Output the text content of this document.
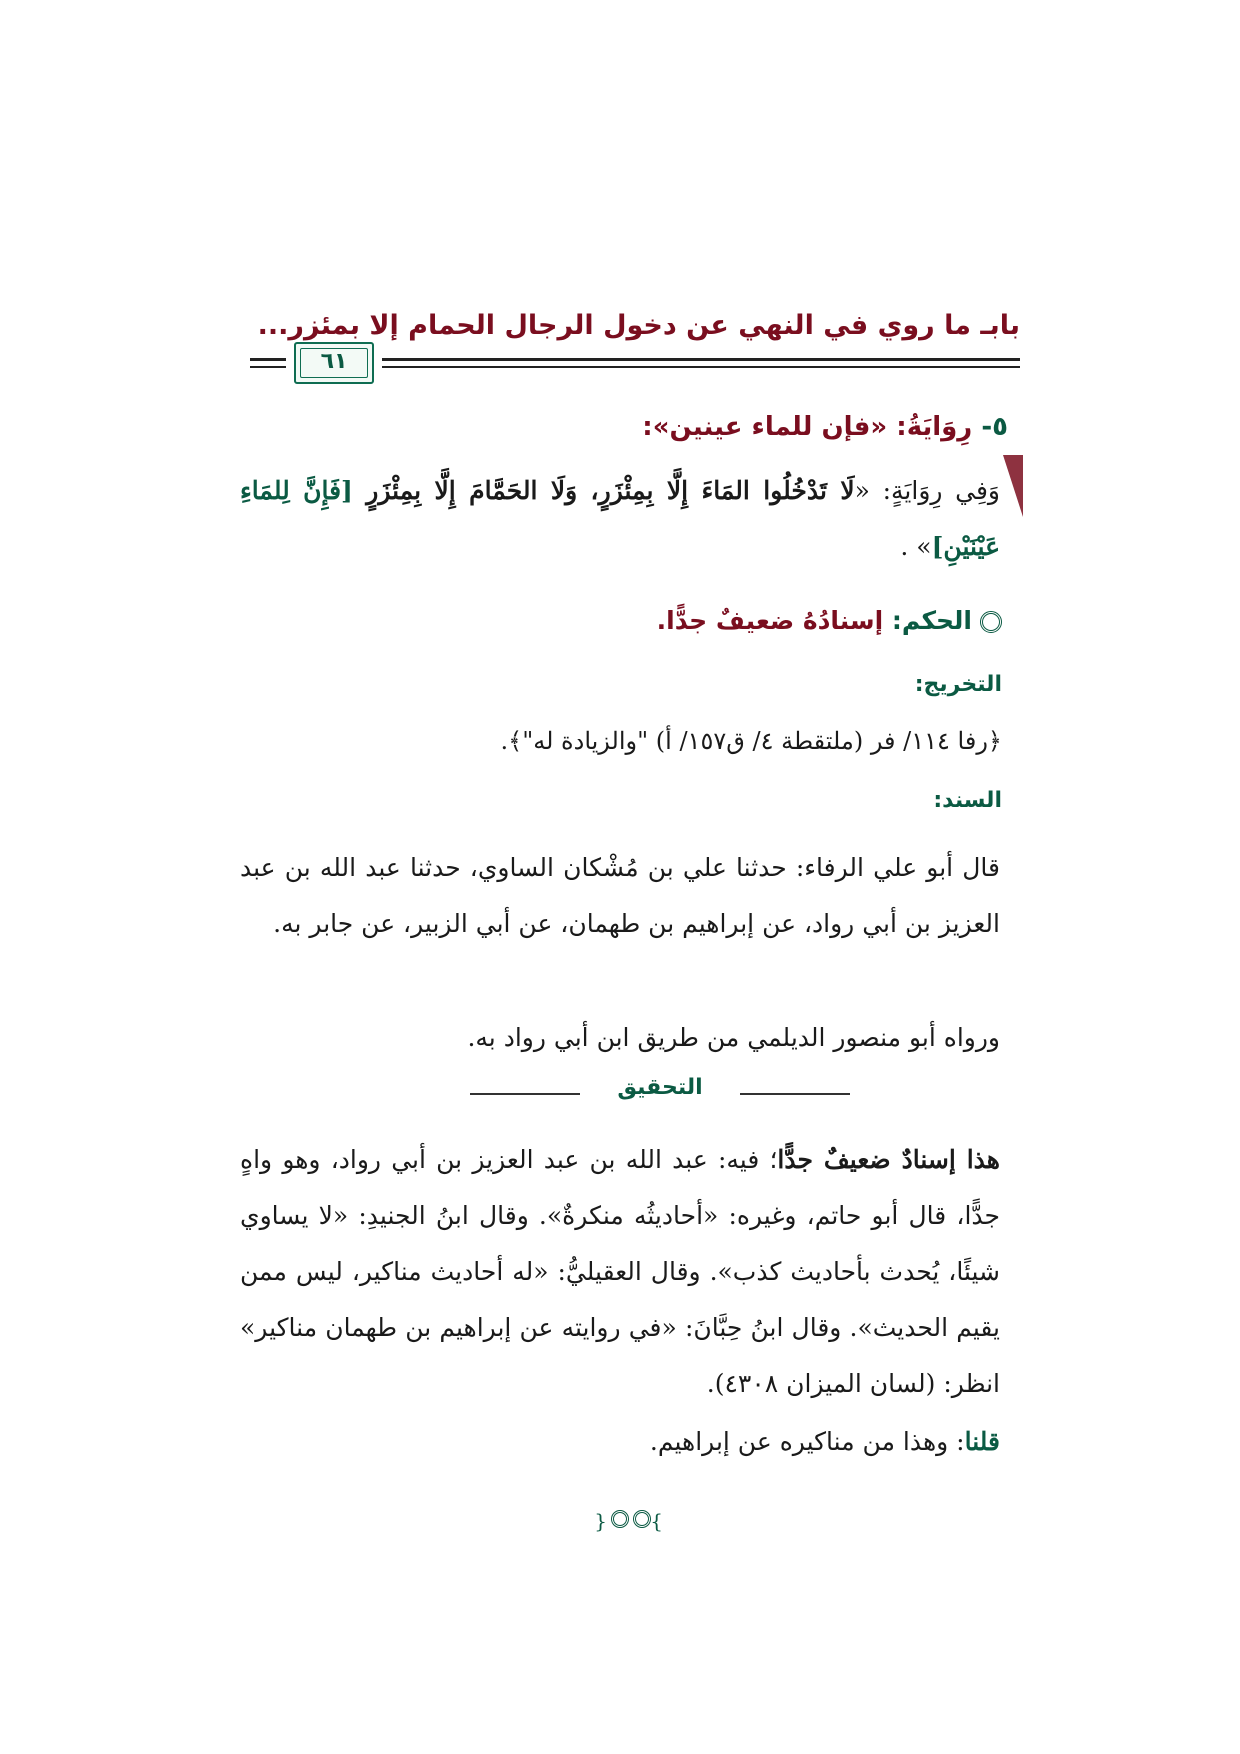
بابـ ما روي في النهي عن دخول الرجال الحمام إلا بمئزر...
٦١
٥- رِوَايَةُ: «فإن للماء عينين»:
وَفِي رِوَايَةٍ: «لَا تَدْخُلُوا المَاءَ إِلَّا بِمِئْزَرٍ، وَلَا الحَمَّامَ إِلَّا بِمِئْزَرٍ [فَإِنَّ لِلمَاءِ عَيْنَيْنِ]» .
الحكم: إسنادُهُ ضعيفٌ جدًّا.
التخريج:
﴿رفا ١١٤/ فر (ملتقطة ٤/ ق١٥٧/ أ) "والزيادة له"﴾.
السند:
قال أبو علي الرفاء: حدثنا علي بن مُشْكان الساوي، حدثنا عبد الله بن عبد العزيز بن أبي رواد، عن إبراهيم بن طهمان، عن أبي الزبير، عن جابر به.
ورواه أبو منصور الديلمي من طريق ابن أبي رواد به.
التحقيق
هذا إسنادٌ ضعيفٌ جدًّا؛ فيه: عبد الله بن عبد العزيز بن أبي رواد، وهو واهٍ جدًّا، قال أبو حاتم، وغيره: «أحاديثُه منكرةٌ». وقال ابنُ الجنيدِ: «لا يساوي شيئًا، يُحدث بأحاديث كذب». وقال العقيليُّ: «له أحاديث مناكير، ليس ممن يقيم الحديث». وقال ابنُ حِبَّانَ: «في روايته عن إبراهيم بن طهمان مناكير» انظر: (لسان الميزان ٤٣٠٨).
قلنا: وهذا من مناكيره عن إبراهيم.
}{
